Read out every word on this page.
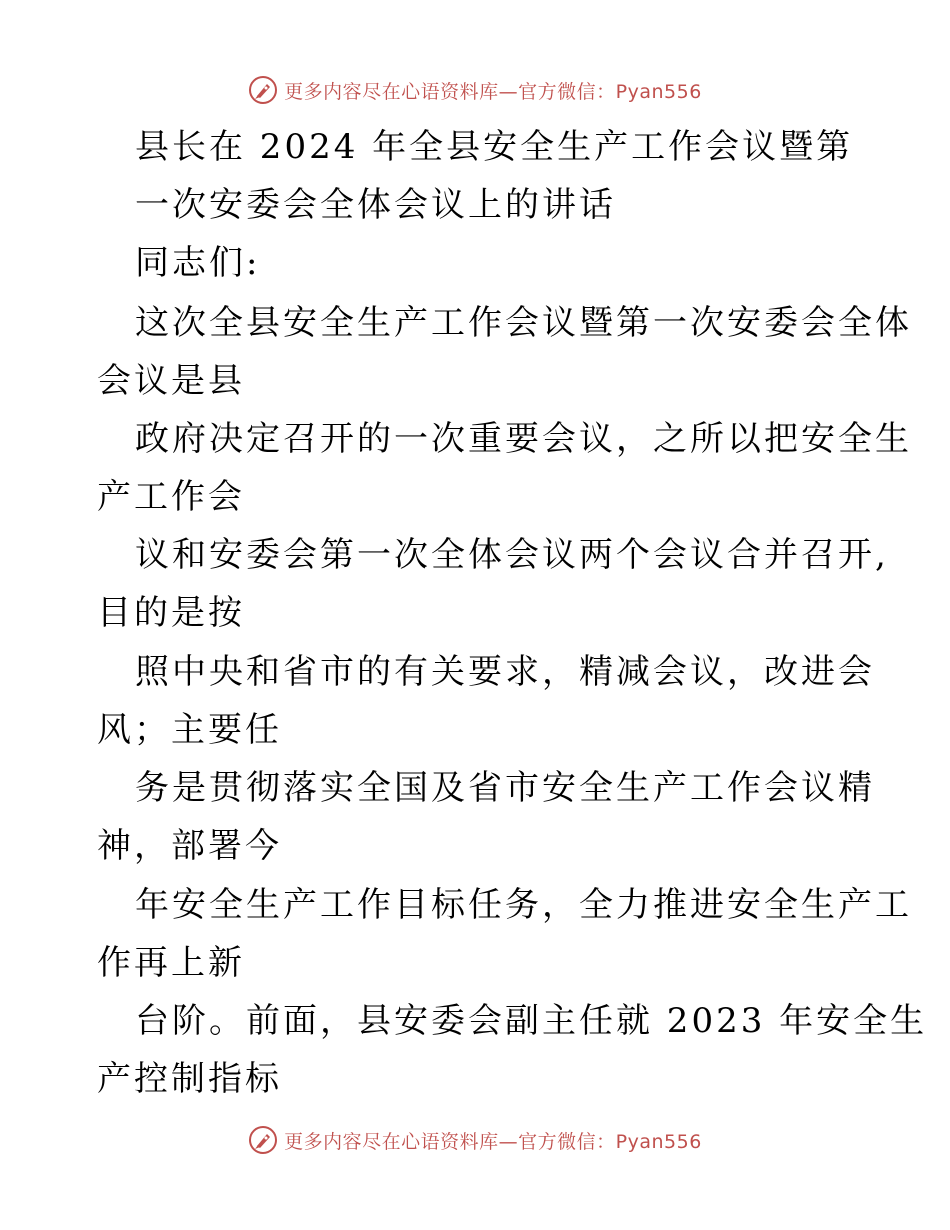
更多内容尽在心语资料库—官方微信：Pyan556
县长在 2024 年全县安全生产工作会议暨第
一次安委会全体会议上的讲话
同志们:
这次全县安全生产工作会议暨第一次安委会全体
会议是县
政府决定召开的一次重要会议，之所以把安全生
产工作会
议和安委会第一次全体会议两个会议合并召开,
目的是按
照中央和省市的有关要求，精减会议，改进会
风；主要任
务是贯彻落实全国及省市安全生产工作会议精
神，部署今
年安全生产工作目标任务，全力推进安全生产工
作再上新
台阶。前面，县安委会副主任就 2023 年安全生
产控制指标
更多内容尽在心语资料库—官方微信：Pyan556
